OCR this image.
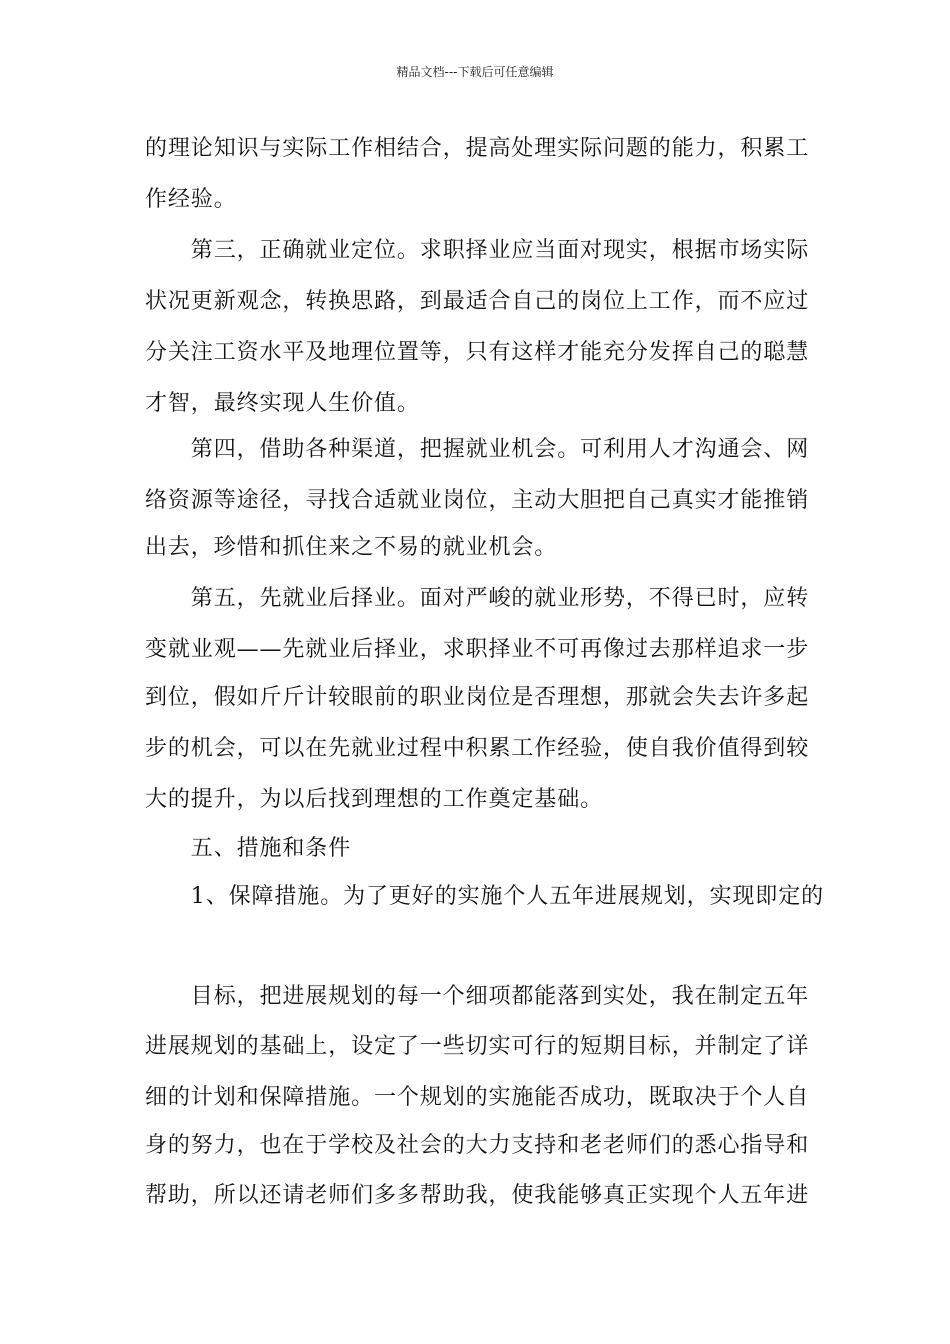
精品文档---下载后可任意编辑
的理论知识与实际工作相结合，提高处理实际问题的能力，积累工
作经验。
　　第三，正确就业定位。求职择业应当面对现实，根据市场实际
状况更新观念，转换思路，到最适合自己的岗位上工作，而不应过
分关注工资水平及地理位置等，只有这样才能充分发挥自己的聪慧
才智，最终实现人生价值。
　　第四，借助各种渠道，把握就业机会。可利用人才沟通会、网
络资源等途径，寻找合适就业岗位，主动大胆把自己真实才能推销
出去，珍惜和抓住来之不易的就业机会。
　　第五，先就业后择业。面对严峻的就业形势，不得已时，应转
变就业观——先就业后择业，求职择业不可再像过去那样追求一步
到位，假如斤斤计较眼前的职业岗位是否理想，那就会失去许多起
步的机会，可以在先就业过程中积累工作经验，使自我价值得到较
大的提升，为以后找到理想的工作奠定基础。
　　五、措施和条件
　　1、保障措施。为了更好的实施个人五年进展规划，实现即定的
　　目标，把进展规划的每一个细项都能落到实处，我在制定五年
进展规划的基础上，设定了一些切实可行的短期目标，并制定了详
细的计划和保障措施。一个规划的实施能否成功，既取决于个人自
身的努力，也在于学校及社会的大力支持和老老师们的悉心指导和
帮助，所以还请老师们多多帮助我，使我能够真正实现个人五年进
